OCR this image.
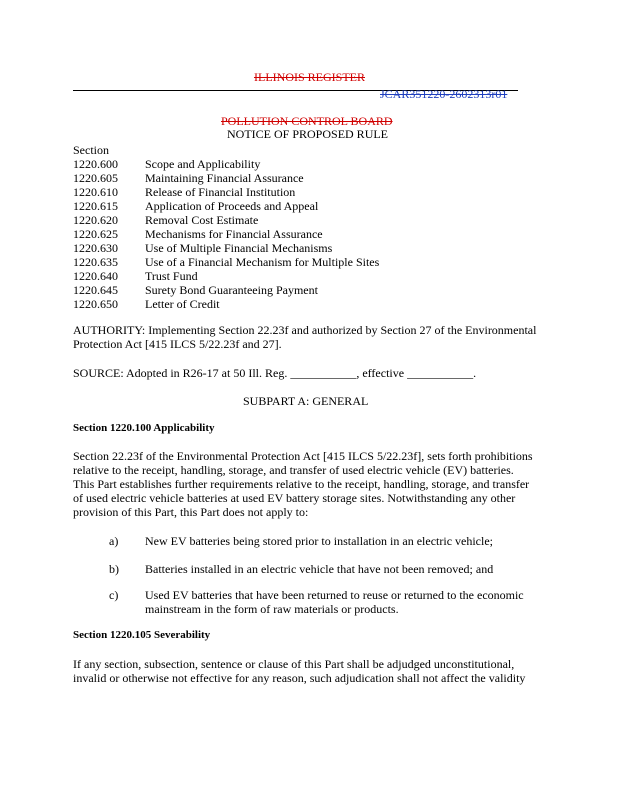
ILLINOIS REGISTER
JCAR351220-2602313r01
POLLUTION CONTROL BOARD
NOTICE OF PROPOSED RULE
Section
1220.600 Scope and Applicability
1220.605 Maintaining Financial Assurance
1220.610 Release of Financial Institution
1220.615 Application of Proceeds and Appeal
1220.620 Removal Cost Estimate
1220.625 Mechanisms for Financial Assurance
1220.630 Use of Multiple Financial Mechanisms
1220.635 Use of a Financial Mechanism for Multiple Sites
1220.640 Trust Fund
1220.645 Surety Bond Guaranteeing Payment
1220.650 Letter of Credit
AUTHORITY: Implementing Section 22.23f and authorized by Section 27 of the Environmental
Protection Act [415 ILCS 5/22.23f and 27].
SOURCE: Adopted in R26-17 at 50 Ill. Reg. ___________, effective ___________.
SUBPART A: GENERAL
Section 1220.100 Applicability
Section 22.23f of the Environmental Protection Act [415 ILCS 5/22.23f], sets forth prohibitions
relative to the receipt, handling, storage, and transfer of used electric vehicle (EV) batteries.
This Part establishes further requirements relative to the receipt, handling, storage, and transfer
of used electric vehicle batteries at used EV battery storage sites. Notwithstanding any other
provision of this Part, this Part does not apply to:
a) New EV batteries being stored prior to installation in an electric vehicle;
b) Batteries installed in an electric vehicle that have not been removed; and
c) Used EV batteries that have been returned to reuse or returned to the economic
mainstream in the form of raw materials or products.
Section 1220.105 Severability
If any section, subsection, sentence or clause of this Part shall be adjudged unconstitutional,
invalid or otherwise not effective for any reason, such adjudication shall not affect the validity
